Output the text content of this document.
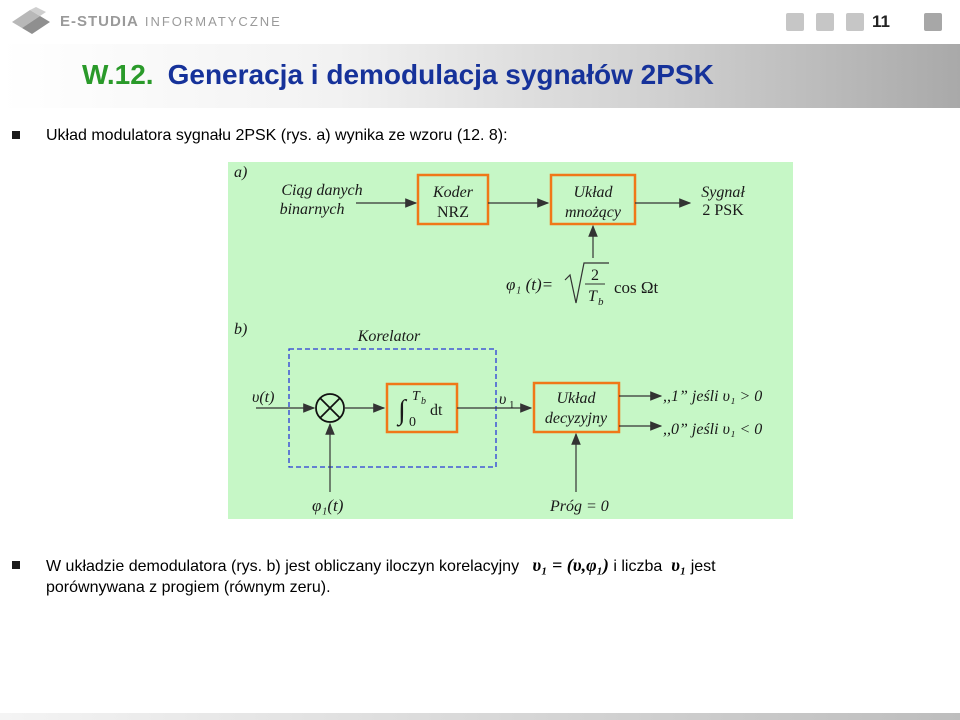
E-STUDIA INFORMATYCZNE	11
W.12. Generacja i demodulacja sygnałów 2PSK
Układ modulatora sygnału 2PSK (rys. a) wynika ze wzoru (12. 8):
a)
Ciąg danych
binarnych
Koder
NRZ
Układ
mnożący
Sygnał
2 PSK
φ₁ (t)= 2
T b
cos Ωt
b)	Korelator
υ(t)	∫ T b
0
dt
υ 1	Układ
decyzyjny
,,1” jeśli υ₁ > 0
,,0” jeśli υ₁ < 0
φ₁(t)	Próg = 0
W układzie demodulatora (rys. b) jest obliczany iloczyn korelacyjny υ₁ = (υ,φ₁) i liczba υ₁ jest
porównywana z progiem (równym zeru).
